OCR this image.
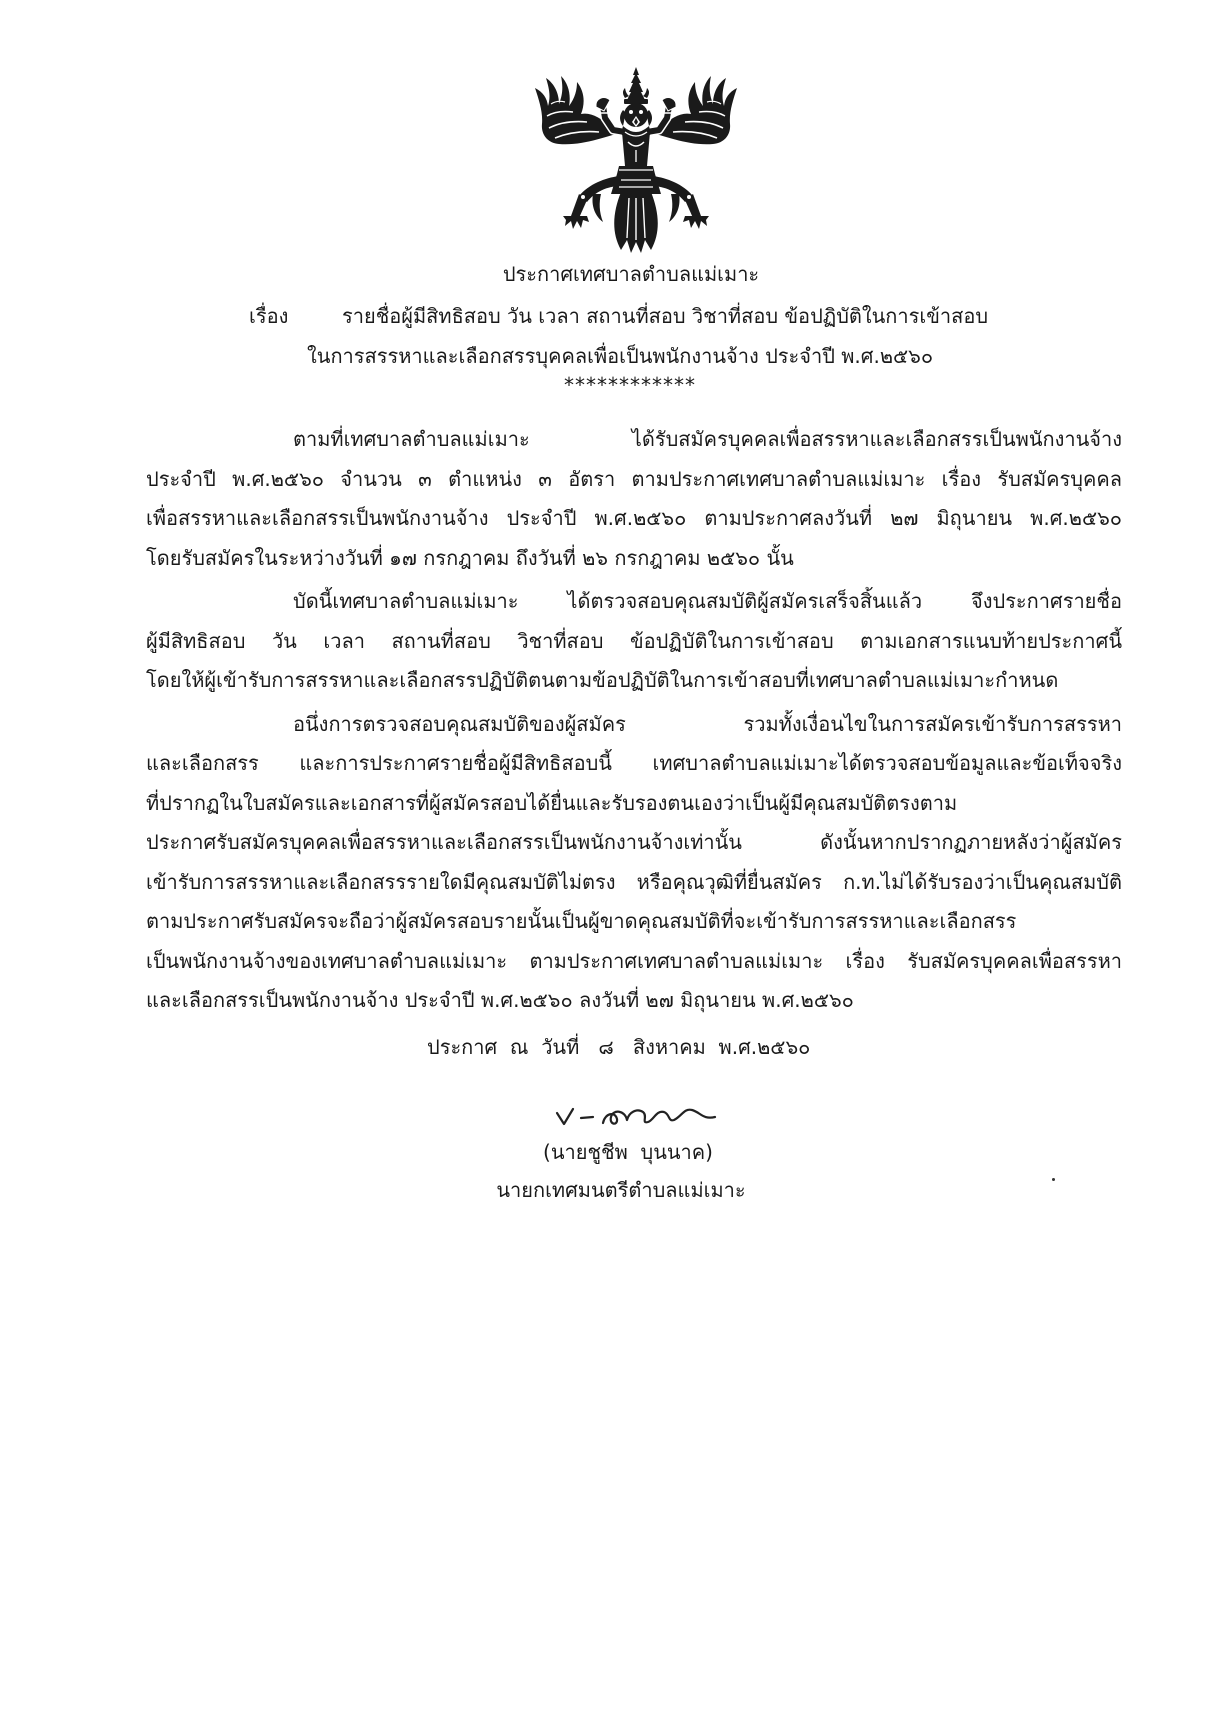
ประกาศเทศบาลตำบลแม่เมาะ
เรื่อง	รายชื่อผู้มีสิทธิสอบ วัน เวลา สถานที่สอบ วิชาที่สอบ ข้อปฏิบัติในการเข้าสอบ
ในการสรรหาและเลือกสรรบุคคลเพื่อเป็นพนักงานจ้าง ประจำปี พ.ศ.๒๕๖๐
************
ตามที่เทศบาลตำบลแม่เมาะ ได้รับสมัครบุคคลเพื่อสรรหาและเลือกสรรเป็นพนักงานจ้าง
ประจำปี พ.ศ.๒๕๖๐ จำนวน ๓ ตำแหน่ง ๓ อัตรา ตามประกาศเทศบาลตำบลแม่เมาะ เรื่อง รับสมัครบุคคล
เพื่อสรรหาและเลือกสรรเป็นพนักงานจ้าง ประจำปี พ.ศ.๒๕๖๐ ตามประกาศลงวันที่ ๒๗ มิถุนายน พ.ศ.๒๕๖๐
โดยรับสมัครในระหว่างวันที่ ๑๗ กรกฎาคม ถึงวันที่ ๒๖ กรกฎาคม ๒๕๖๐ นั้น
บัดนี้เทศบาลตำบลแม่เมาะ ได้ตรวจสอบคุณสมบัติผู้สมัครเสร็จสิ้นแล้ว จึงประกาศรายชื่อ
ผู้มีสิทธิสอบ วัน เวลา สถานที่สอบ วิชาที่สอบ ข้อปฏิบัติในการเข้าสอบ ตามเอกสารแนบท้ายประกาศนี้
โดยให้ผู้เข้ารับการสรรหาและเลือกสรรปฏิบัติตนตามข้อปฏิบัติในการเข้าสอบที่เทศบาลตำบลแม่เมาะกำหนด
อนึ่งการตรวจสอบคุณสมบัติของผู้สมัคร รวมทั้งเงื่อนไขในการสมัครเข้ารับการสรรหา
และเลือกสรร และการประกาศรายชื่อผู้มีสิทธิสอบนี้ เทศบาลตำบลแม่เมาะได้ตรวจสอบข้อมูลและข้อเท็จจริง
ที่ปรากฏในใบสมัครและเอกสารที่ผู้สมัครสอบได้ยื่นและรับรองตนเองว่าเป็นผู้มีคุณสมบัติตรงตาม
ประกาศรับสมัครบุคคลเพื่อสรรหาและเลือกสรรเป็นพนักงานจ้างเท่านั้น ดังนั้นหากปรากฏภายหลังว่าผู้สมัคร
เข้ารับการสรรหาและเลือกสรรรายใดมีคุณสมบัติไม่ตรง หรือคุณวุฒิที่ยื่นสมัคร ก.ท.ไม่ได้รับรองว่าเป็นคุณสมบัติ
ตามประกาศรับสมัครจะถือว่าผู้สมัครสอบรายนั้นเป็นผู้ขาดคุณสมบัติที่จะเข้ารับการสรรหาและเลือกสรร
เป็นพนักงานจ้างของเทศบาลตำบลแม่เมาะ ตามประกาศเทศบาลตำบลแม่เมาะ เรื่อง รับสมัครบุคคลเพื่อสรรหา
และเลือกสรรเป็นพนักงานจ้าง ประจำปี พ.ศ.๒๕๖๐ ลงวันที่ ๒๗ มิถุนายน พ.ศ.๒๕๖๐
ประกาศ  ณ  วันที่   ๘   สิงหาคม  พ.ศ.๒๕๖๐
(นายชูชีพ  บุนนาค)
นายกเทศมนตรีตำบลแม่เมาะ
